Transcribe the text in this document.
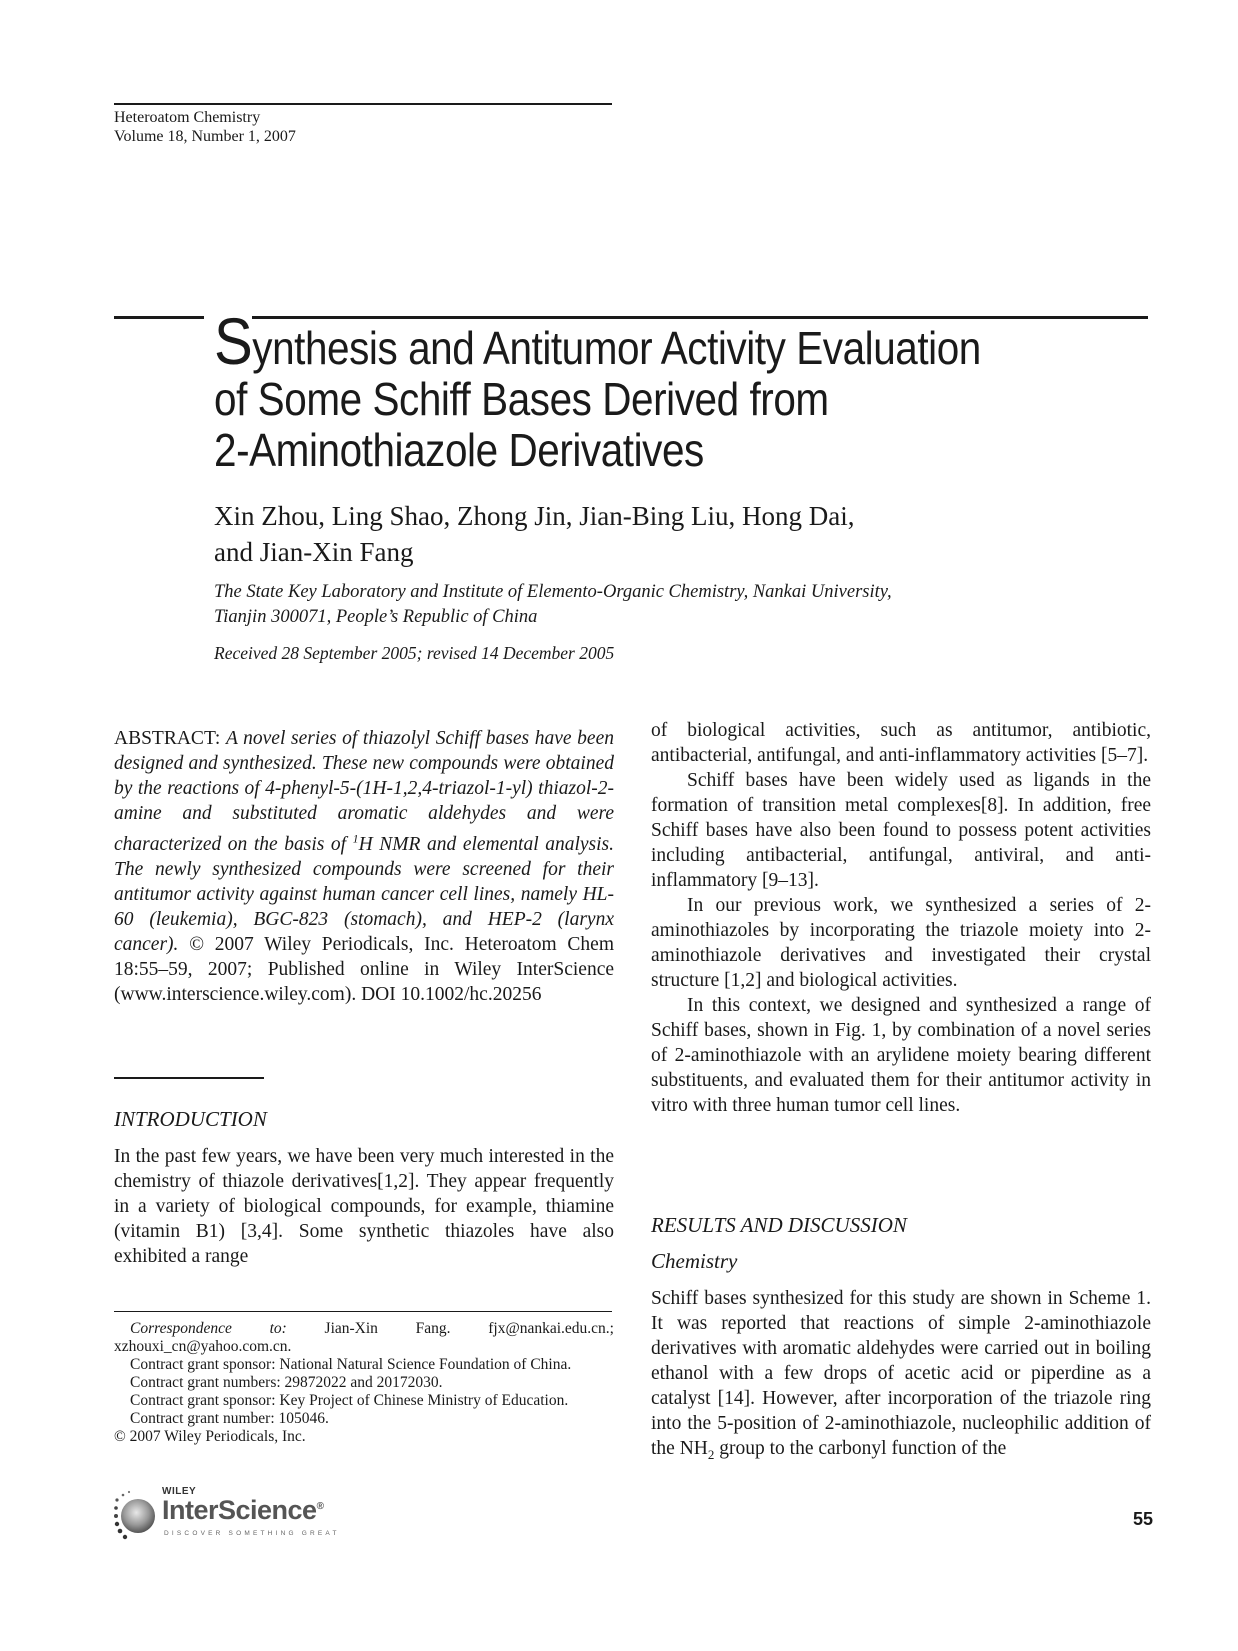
Heteroatom Chemistry
Volume 18, Number 1, 2007
Synthesis and Antitumor Activity Evaluation
of Some Schiff Bases Derived from
2-Aminothiazole Derivatives
Xin Zhou, Ling Shao, Zhong Jin, Jian-Bing Liu, Hong Dai,
and Jian-Xin Fang
The State Key Laboratory and Institute of Elemento-Organic Chemistry, Nankai University,
Tianjin 300071, People’s Republic of China
Received 28 September 2005; revised 14 December 2005

ABSTRACT: A novel series of thiazolyl Schiff bases have been designed and synthesized. These new compounds were obtained by the reactions of 4-phenyl-5-(1H-1,2,4-triazol-1-yl) thiazol-2-amine and substituted aromatic aldehydes and were characterized on the basis of $^1$H NMR and elemental analysis. The newly synthesized compounds were screened for their antitumor activity against human cancer cell lines, namely HL-60 (leukemia), BGC-823 (stomach), and HEP-2 (larynx cancer). © 2007 Wiley Periodicals, Inc. Heteroatom Chem 18:55–59, 2007; Published online in Wiley InterScience (www.interscience.wiley.com). DOI 10.1002/hc.20256

INTRODUCTION

In the past few years, we have been very much interested in the chemistry of thiazole derivatives[1,2]. They appear frequently in a variety of biological compounds, for example, thiamine (vitamin B1) [3,4]. Some synthetic thiazoles have also exhibited a range

Correspondence to: Jian-Xin Fang. fjx@nankai.edu.cn.; xzhouxi_cn@yahoo.com.cn.

Contract grant sponsor: National Natural Science Foundation of China.

Contract grant numbers: 29872022 and 20172030.

Contract grant sponsor: Key Project of Chinese Ministry of Education.

Contract grant number: 105046.

© 2007 Wiley Periodicals, Inc.

of biological activities, such as antitumor, antibiotic, antibacterial, antifungal, and anti-inflammatory activities [5–7].

Schiff bases have been widely used as ligands in the formation of transition metal complexes[8]. In addition, free Schiff bases have also been found to possess potent activities including antibacterial, antifungal, antiviral, and anti-inflammatory [9–13].

In our previous work, we synthesized a series of 2-aminothiazoles by incorporating the triazole moiety into 2-aminothiazole derivatives and investigated their crystal structure [1,2] and biological activities.

In this context, we designed and synthesized a range of Schiff bases, shown in Fig. 1, by combination of a novel series of 2-aminothiazole with an arylidene moiety bearing different substituents, and evaluated them for their antitumor activity in vitro with three human tumor cell lines.

RESULTS AND DISCUSSION

Chemistry

Schiff bases synthesized for this study are shown in Scheme 1. It was reported that reactions of simple 2-aminothiazole derivatives with aromatic aldehydes were carried out in boiling ethanol with a few drops of acetic acid or piperdine as a catalyst [14]. However, after incorporation of the triazole ring into the 5-position of 2-aminothiazole, nucleophilic addition of the $NH_2$ group to the carbonyl function of the

WILEY
InterScience®
DISCOVER SOMETHING GREAT
55
